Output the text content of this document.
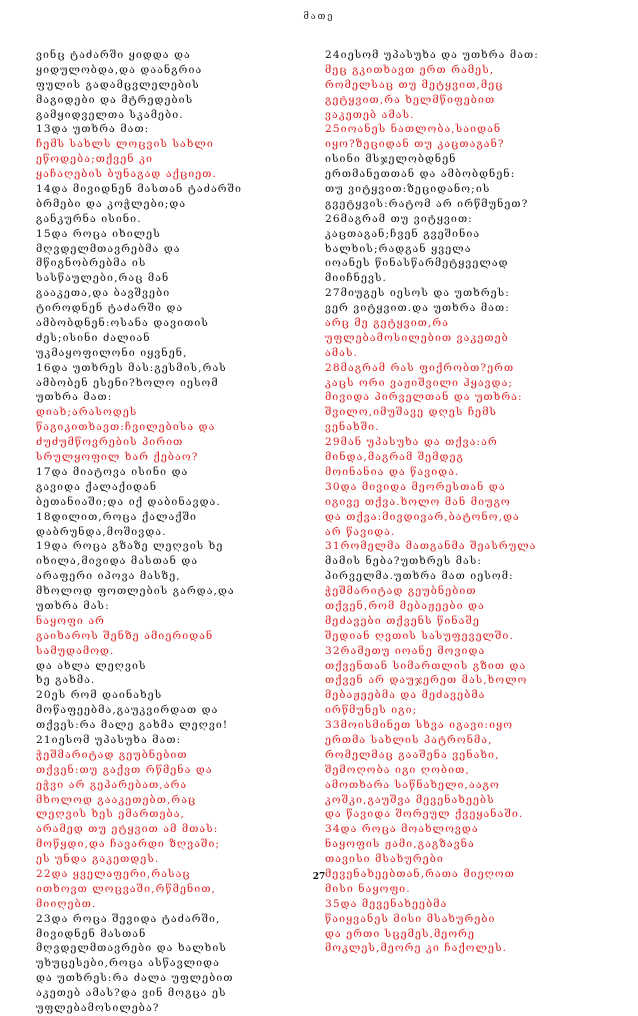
მათე
ვინც ტაძარში ყიდდა და
ყიდულობდა,და დაანგრია
ფულის გადამცვლელების
მაგიდები და მტრედების
გამყიდველთა სკამები.
13და უთხრა მათ:
ჩემს სახლს ლოცვის სახლი
ეწოდება;თქვენ კი
ყაჩაღების ბუნაგად აქციეთ.
14და მივიდნენ მასთან ტაძარში
ბრმები და კოჭლები;და
განკურნა ისინი.
15და როცა იხილეს
მღვდელმთავრებმა და
მწიგნობრებმა ის
სასწაულები,რაც მან
გააკეთა,და ბავშვები
ტიროდნენ ტაძარში და
ამბობდნენ:ოსანა დავითის
ძეს;ისინი ძალიან
უკმაყოფილონი იყვნენ,
16და უთხრეს მას:გესმის,რას
ამბობენ ესენი?ხოლო იესომ
უთხრა მათ:
დიახ;არასოდეს
წაგიკითხავთ:ჩვილებისა და
ძუძუმწოვრების პირით
სრულყოფილ ხარ ქებაო?
17და მიატოვა ისინი და
გავიდა ქალაქიდან
ბეთანიაში;და იქ დაბინავდა.
18დილით,როცა ქალაქში
დაბრუნდა,მოშივდა.
19და როცა გზაზე ლეღვის ხე
იხილა,მივიდა მასთან და
არაფერი იპოვა მასზე,
მხოლოდ ფოთლების გარდა,და
უთხრა მას:
ნაყოფი არ
გაიხაროს შენზე ამიერიდან
სამუდამოდ.
და ახლა ლეღვის
ხე გახმა.
20ეს რომ დაინახეს
მოწაფეებმა,გაუკვირდათ და
თქვეს:რა მალე გახმა ლეღვი!
21იესომ უპასუხა მათ:
ჭეშმარიტად გეუბნებით
თქვენ:თუ გაქვთ რწმენა და
ეჭვი არ გეპარებათ,არა
მხოლოდ გააკეთებთ,რაც
ლეღვის ხეს ემართება,
არამედ თუ ეტყვით ამ მთას:
მოწყდი,და ჩავარდი ზღვაში;
ეს უნდა გაკეთდეს.
22და ყველაფერი,რასაც
ითხოვთ ლოცვაში,რწმენით,
მიიღებთ.
23და როცა შევიდა ტაძარში,
მივიდნენ მასთან
მღვდელმთავრები და ხალხის
უხუცესები,როცა ასწავლიდა
და უთხრეს:რა ძალა უფლებით
აკეთებ ამას?და ვინ მოგცა ეს
უფლებამოსილება?
24იესომ უპასუხა და უთხრა მათ:
მეც გკითხავთ ერთ რამეს,
რომელსაც თუ მეტყვით,მეც
გეტყვით,რა ხელმწიფებით
ვაკეთებ ამას.
25იოანეს ნათლობა,საიდან
იყო?ზეციდან თუ კაცთაგან?
ისინი მსჯელობდნენ
ერთმანეთთან და ამბობდნენ:
თუ ვიტყვით:ზეციდანო;ის
გვეტყვის:რატომ არ ირწმუნეთ?
26მაგრამ თუ ვიტყვით:
კაცთაგან;ჩვენ გვეშინია
ხალხის;რადგან ყველა
იოანეს წინასწარმეტყველად
მიიჩნევს.
27მიუგეს იესოს და უთხრეს:
ვერ ვიტყვით.და უთხრა მათ:
არც მე გეტყვით,რა
უფლებამოსილებით ვაკეთებ
ამას.
28მაგრამ რას ფიქრობთ?ერთ
კაცს ორი ვაჟიშვილი ჰყავდა;
მივიდა პირველთან და უთხრა:
შვილო,იმუშავე დღეს ჩემს
ვენახში.
29მან უპასუხა და თქვა:არ
მინდა,მაგრამ შემდეგ
მოინანია და წავიდა.
30და მივიდა მეორესთან და
იგივე თქვა.ხოლო მან მიუგო
და თქვა:მივდივარ,ბატონო,და
არ წავიდა.
31რომელმა მათგანმა შეასრულა
მამის ნება?უთხრეს მას:
პირველმა.უთხრა მათ იესომ:
ჭეშმარიტად გეუბნებით
თქვენ,რომ მებაჟეები და
მეძავები თქვენს წინაშე
შედიან ღვთის სასუფეველში.
32რამეთუ იოანე მოვიდა
თქვენთან სიმართლის გზით და
თქვენ არ დაუჯერეთ მას,ხოლო
მებაჟეებმა და მეძავებმა
ირწმუნეს იგი;
33მოისმინეთ სხვა იგავი:იყო
ერთმა სახლის პატრონმა,
რომელმაც გააშენა ვენახი,
შემოღობა იგი ღობით,
ამოთხარა საწნახელი,ააგო
კოშკი,გაუშვა მევენახეებს
და წავიდა შორეულ ქვეყანაში.
34და როცა მოახლოვდა
ნაყოფის ჟამი,გაგზავნა
თავისი მსახურები
მევენახეებთან,რათა მიეღოთ
მისი ნაყოფი.
35და მევენახეებმა
წაიყვანეს მისი მსახურები
და ერთი სცემეს,მეორე
მოკლეს,მეორე კი ჩაქოლეს.
27
